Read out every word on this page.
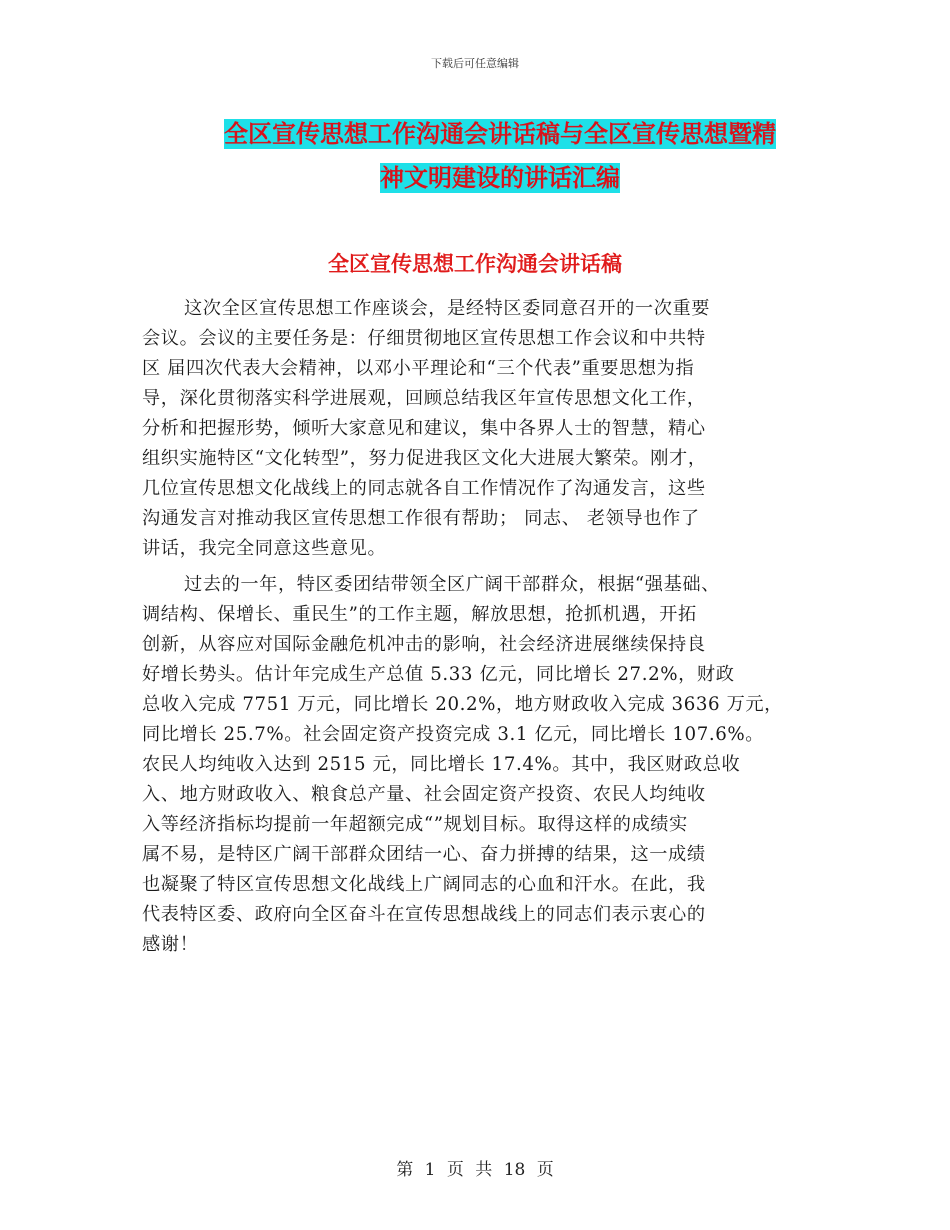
下载后可任意编辑
全区宣传思想工作沟通会讲话稿与全区宣传思想暨精
神文明建设的讲话汇编
全区宣传思想工作沟通会讲话稿
这次全区宣传思想工作座谈会，是经特区委同意召开的一次重要
会议。会议的主要任务是：仔细贯彻地区宣传思想工作会议和中共特
区 届四次代表大会精神，以邓小平理论和“三个代表”重要思想为指
导，深化贯彻落实科学进展观，回顾总结我区年宣传思想文化工作，
分析和把握形势，倾听大家意见和建议，集中各界人士的智慧，精心
组织实施特区“文化转型”，努力促进我区文化大进展大繁荣。刚才，
几位宣传思想文化战线上的同志就各自工作情况作了沟通发言，这些
沟通发言对推动我区宣传思想工作很有帮助； 同志、 老领导也作了
讲话，我完全同意这些意见。
过去的一年，特区委团结带领全区广阔干部群众，根据“强基础、
调结构、保增长、重民生”的工作主题，解放思想，抢抓机遇，开拓
创新，从容应对国际金融危机冲击的影响，社会经济进展继续保持良
好增长势头。估计年完成生产总值 5.33 亿元，同比增长 27.2%，财政
总收入完成 7751 万元，同比增长 20.2%，地方财政收入完成 3636 万元，
同比增长 25.7%。社会固定资产投资完成 3.1 亿元，同比增长 107.6%。
农民人均纯收入达到 2515 元，同比增长 17.4%。其中，我区财政总收
入、地方财政收入、粮食总产量、社会固定资产投资、农民人均纯收
入等经济指标均提前一年超额完成“”规划目标。取得这样的成绩实
属不易，是特区广阔干部群众团结一心、奋力拼搏的结果，这一成绩
也凝聚了特区宣传思想文化战线上广阔同志的心血和汗水。在此，我
代表特区委、政府向全区奋斗在宣传思想战线上的同志们表示衷心的
感谢！
第 1 页 共 18 页
